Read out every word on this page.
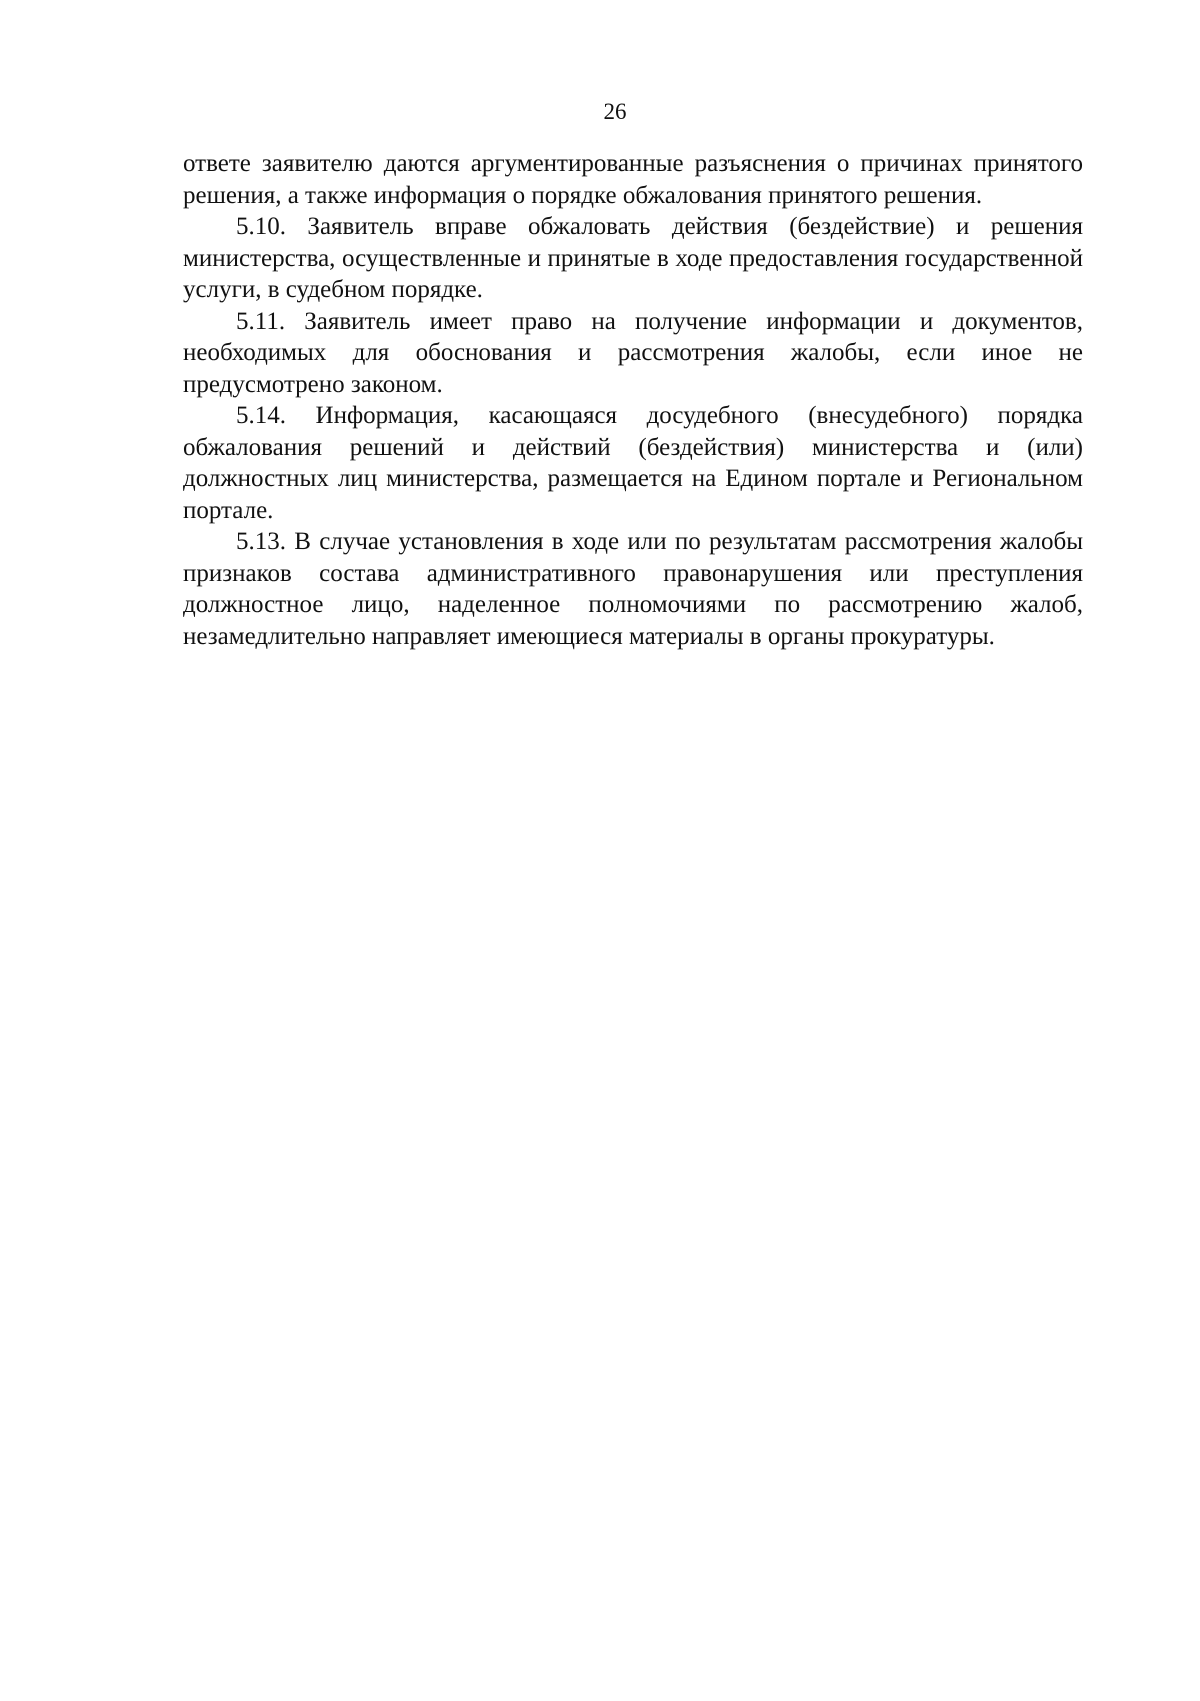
26

ответе заявителю даются аргументированные разъяснения о причинах принятого решения, а также информация о порядке обжалования принятого решения.

5.10. Заявитель вправе обжаловать действия (бездействие) и решения министерства, осуществленные и принятые в ходе предоставления государственной услуги, в судебном порядке.

5.11. Заявитель имеет право на получение информации и документов, необходимых для обоснования и рассмотрения жалобы, если иное не предусмотрено законом.

5.14. Информация, касающаяся досудебного (внесудебного) порядка обжалования решений и действий (бездействия) министерства и (или) должностных лиц министерства, размещается на Едином портале и Региональном портале.

5.13. В случае установления в ходе или по результатам рассмотрения жалобы признаков состава административного правонарушения или преступления должностное лицо, наделенное полномочиями по рассмотрению жалоб, незамедлительно направляет имеющиеся материалы в органы прокуратуры.
